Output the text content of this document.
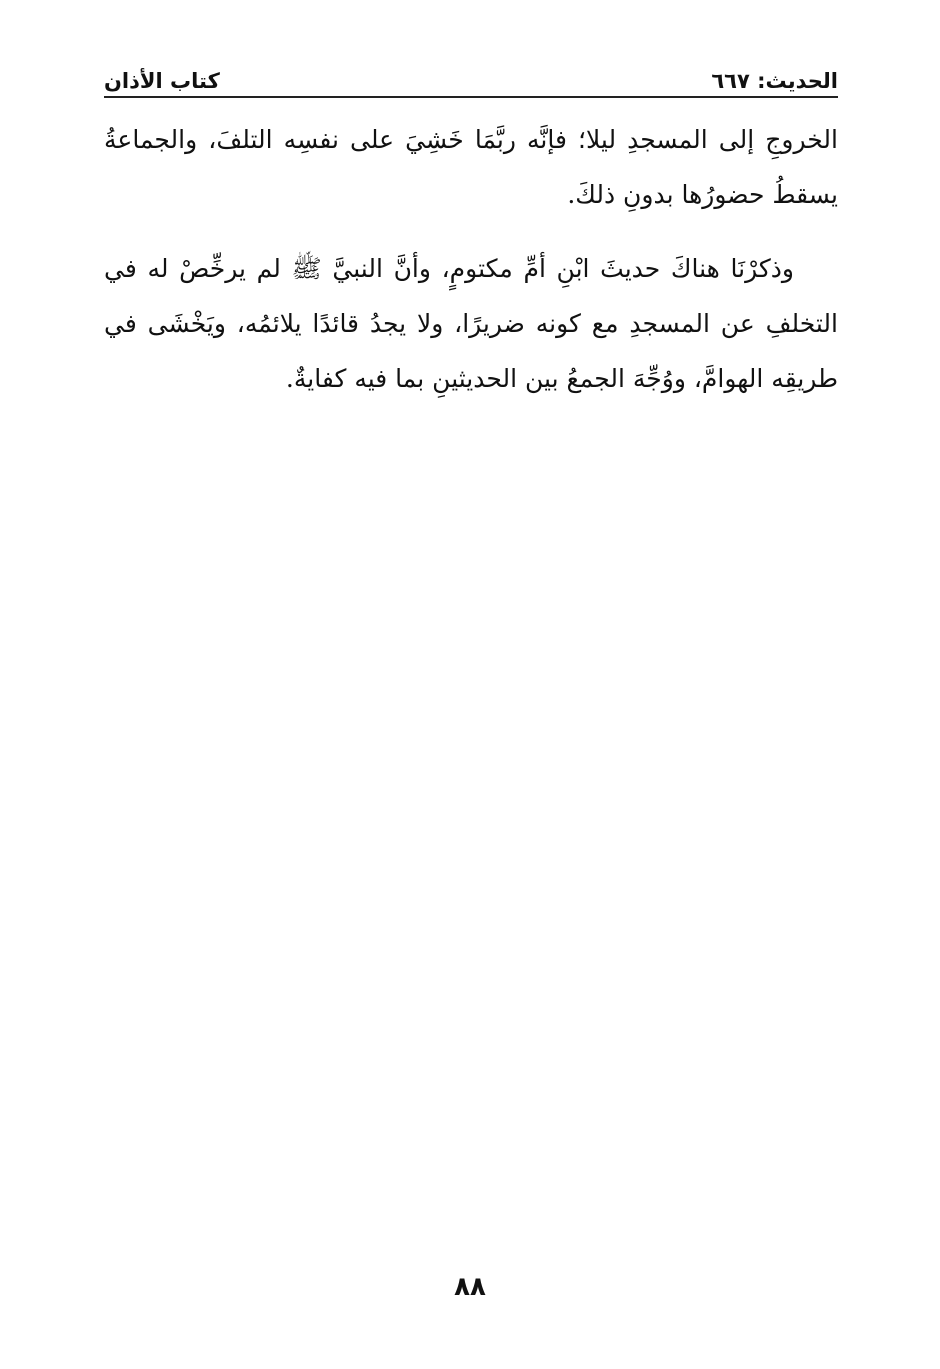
الحديث: ٦٦٧
كتاب الأذان

الخروجِ إلى المسجدِ ليلا؛ فإنَّه ربَّمَا خَشِيَ على نفسِه التلفَ، والجماعةُ يسقطُ حضورُها بدونِ ذلكَ.

وذكرْنَا هناكَ حديثَ ابْنِ أمِّ مكتومٍ، وأنَّ النبيَّ ﷺ لم يرخِّصْ له في التخلفِ عن المسجدِ مع كونه ضريرًا، ولا يجدُ قائدًا يلائمُه، ويَخْشَى في طريقِه الهوامَّ، ووُجِّهَ الجمعُ بين الحديثينِ بما فيه كفايةٌ.

٨٨
